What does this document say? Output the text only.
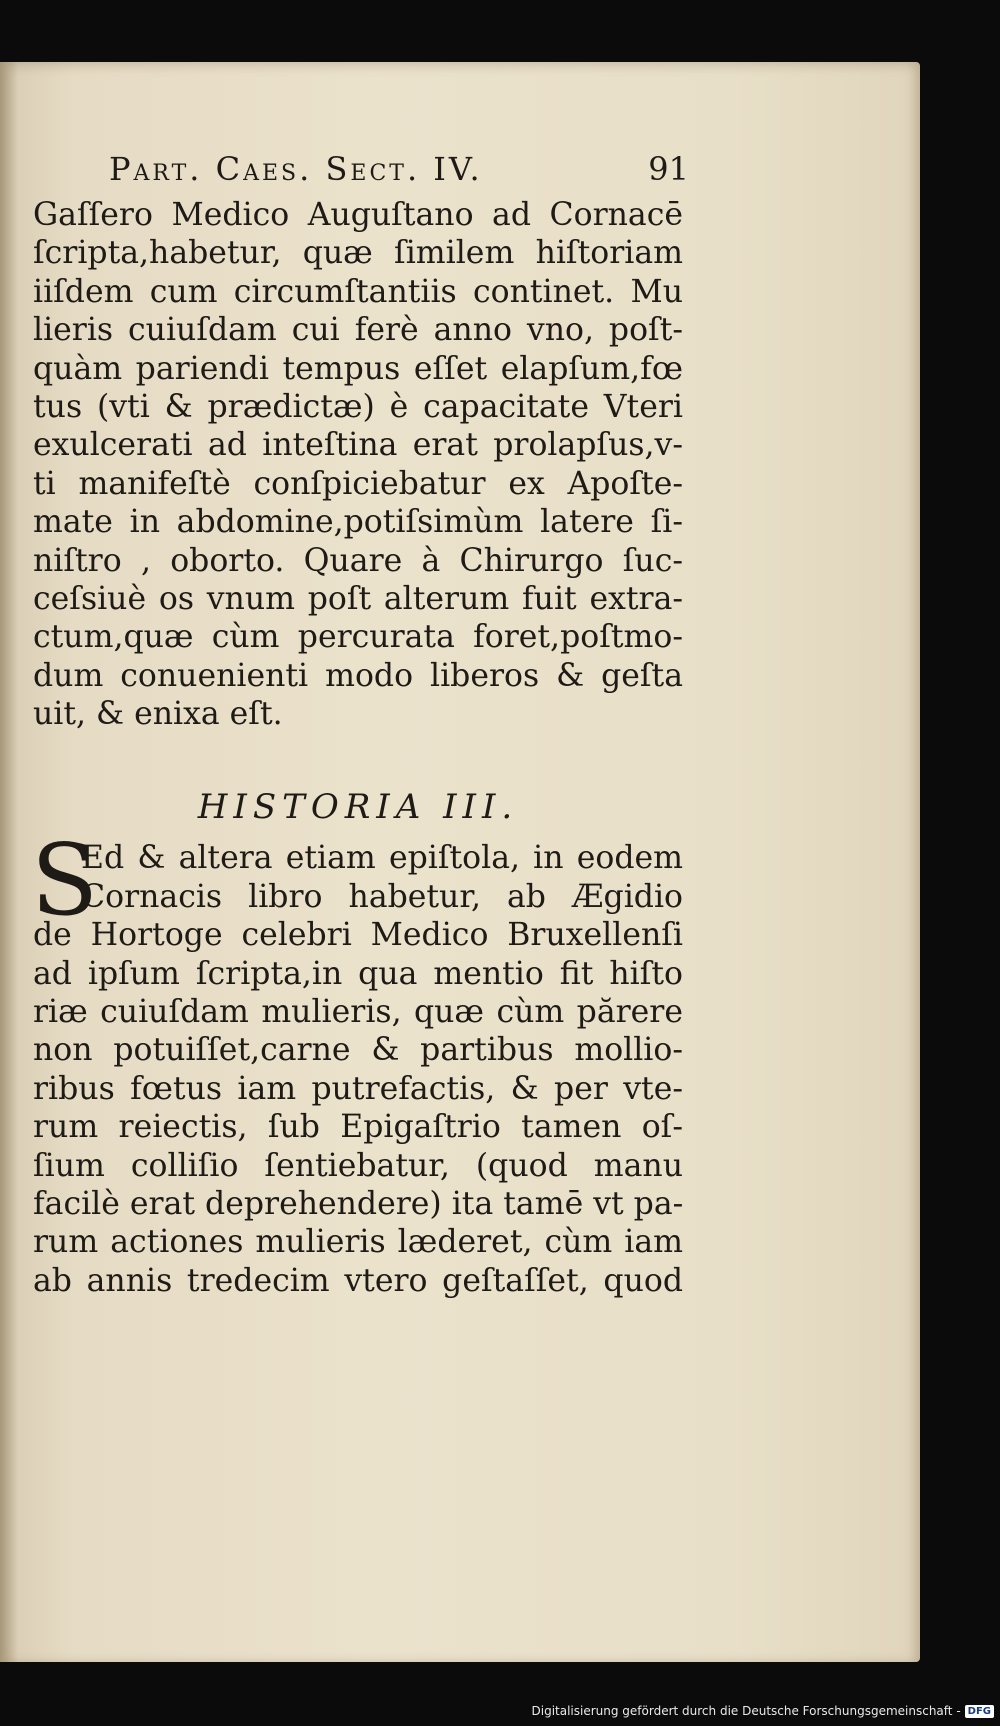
Part. Caes. Sect. IV.	91
Gaſſero Medico Auguſtano ad Cornacē
ſcripta,habetur, quæ ſimilem hiſtoriam
iiſdem cum circumſtantiis continet. Mu
lieris cuiuſdam cui ferè anno vno, poſt-
quàm pariendi tempus eſſet elapſum,fœ
tus (vti & prædictæ) è capacitate Vteri
exulcerati ad inteſtina erat prolapſus,v-
ti manifeſtè conſpiciebatur ex Apoſte-
mate in abdomine,potiſsimùm latere ſi-
niſtro , oborto. Quare à Chirurgo ſuc-
ceſsiuè os vnum poſt alterum fuit extra-
ctum,quæ cùm percurata foret,poſtmo-
dum conuenienti modo liberos & geſta
uit, & enixa eſt.
HISTORIA III.
S
Ed & altera etiam epiſtola, in eodem
Cornacis libro habetur, ab Ægidio
de Hortoge celebri Medico Bruxellenſi
ad ipſum ſcripta,in qua mentio fit hiſto
riæ cuiuſdam mulieris, quæ cùm părere
non potuiſſet,carne & partibus mollio-
ribus fœtus iam putrefactis, & per vte-
rum reiectis, ſub Epigaſtrio tamen oſ-
ſium colliſio ſentiebatur, (quod manu
facilè erat deprehendere) ita tamē vt pa-
rum actiones mulieris læderet, cùm iam
ab annis tredecim vtero geſtaſſet, quod
Digitalisierung gefördert durch die Deutsche Forschungsgemeinschaft - DFG
